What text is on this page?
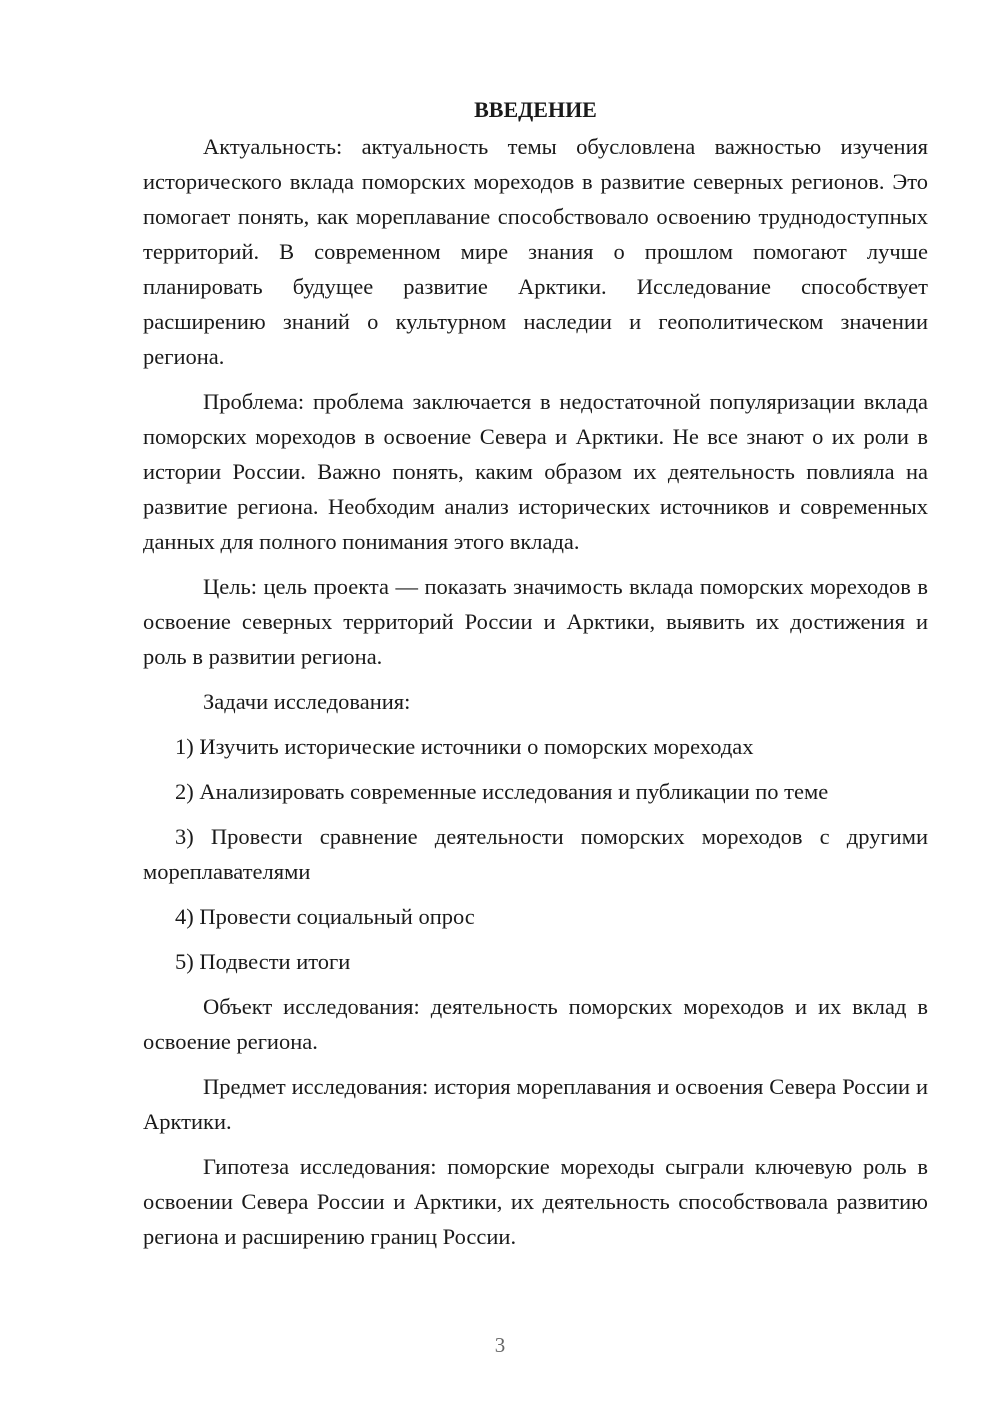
ВВЕДЕНИЕ

Актуальность: актуальность темы обусловлена важностью изучения исторического вклада поморских мореходов в развитие северных регионов. Это помогает понять, как мореплавание способствовало освоению труднодоступных территорий. В современном мире знания о прошлом помогают лучше планировать будущее развитие Арктики. Исследование способствует расширению знаний о культурном наследии и геополитическом значении региона.

Проблема: проблема заключается в недостаточной популяризации вклада поморских мореходов в освоение Севера и Арктики. Не все знают о их роли в истории России. Важно понять, каким образом их деятельность повлияла на развитие региона. Необходим анализ исторических источников и современных данных для полного понимания этого вклада.

Цель: цель проекта — показать значимость вклада поморских мореходов в освоение северных территорий России и Арктики, выявить их достижения и роль в развитии региона.

Задачи исследования:

1) Изучить исторические источники о поморских мореходах

2) Анализировать современные исследования и публикации по теме

3) Провести сравнение деятельности поморских мореходов с другими мореплавателями

4) Провести социальный опрос

5) Подвести итоги

Объект исследования: деятельность поморских мореходов и их вклад в освоение региона.

Предмет исследования: история мореплавания и освоения Севера России и Арктики.

Гипотеза исследования: поморские мореходы сыграли ключевую роль в освоении Севера России и Арктики, их деятельность способствовала развитию региона и расширению границ России.

3
